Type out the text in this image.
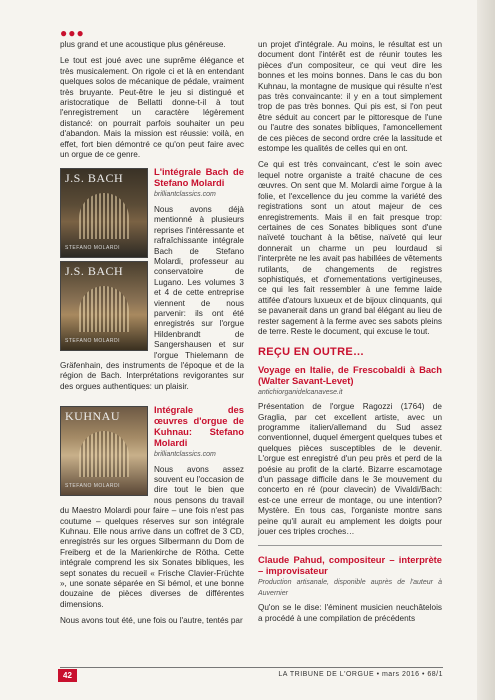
●●●

plus grand et une acoustique plus généreuse.

Le tout est joué avec une suprême élégance et très musicalement. On rigole ci et là en entendant quelques solos de mécanique de pédale, vraiment très bruyante. Peut-être le jeu si distingué et aristocratique de Bellatti donne-t-il à tout l'enregistrement un caractère légèrement distancé: on pourrait parfois souhaiter un peu d'abandon. Mais la mission est réussie: voilà, en effet, fort bien démontré ce qu'on peut faire avec un orgue de ce genre.

J.S. BACH
STEFANO MOLARDI
J.S. BACH
STEFANO MOLARDI
L'intégrale Bach de Stefano Molardi
brilliantclassics.com

Nous avons déjà mentionné à plusieurs reprises l'intéressante et rafraîchissante intégrale Bach de Stefano Molardi, professeur au conservatoire de Lugano. Les volumes 3 et 4 de cette entreprise viennent de nous parvenir: ils ont été enregistrés sur l'orgue Hildenbrandt de Sangershausen et sur l'orgue Thielemann de Gräfenhain, des instruments de l'époque et de la région de Bach. Interprétations revigorantes sur des orgues authentiques: un plaisir.

KUHNAU
STEFANO MOLARDI
Intégrale des œuvres d'orgue de Kuhnau: Stefano Molardi
brilliantclassics.com

Nous avons assez souvent eu l'occasion de dire tout le bien que nous pensons du travail du Maestro Molardi pour faire – une fois n'est pas coutume – quelques réserves sur son intégrale Kuhnau. Elle nous arrive dans un coffret de 3 CD, enregistrés sur les orgues Silbermann du Dom de Freiberg et de la Marienkirche de Rötha. Cette intégrale comprend les six Sonates bibliques, les sept sonates du recueil « Frische Clavier-Früchte », une sonate séparée en Si bémol, et une bonne douzaine de pièces diverses de différentes dimensions.

Nous avons tout été, une fois ou l'autre, tentés par

un projet d'intégrale. Au moins, le résultat est un document dont l'intérêt est de réunir toutes les pièces d'un compositeur, ce qui veut dire les bonnes et les moins bonnes. Dans le cas du bon Kuhnau, la montagne de musique qui résulte n'est pas très convaincante: il y en a tout simplement trop de pas très bonnes. Qui pis est, si l'on peut être séduit au concert par le pittoresque de l'une ou l'autre des sonates bibliques, l'amoncellement de ces pièces de second ordre crée la lassitude et estompe les qualités de celles qui en ont.

Ce qui est très convaincant, c'est le soin avec lequel notre organiste a traité chacune de ces œuvres. On sent que M. Molardi aime l'orgue à la folie, et l'excellence du jeu comme la variété des registrations sont un atout majeur de ces enregistrements. Mais il en fait presque trop: certaines de ces Sonates bibliques sont d'une naïveté touchant à la bêtise, naïveté qui leur donnerait un charme un peu lourdaud si l'interprète ne les avait pas habillées de vêtements rutilants, de changements de registres sophistiqués, et d'ornementations vertigineuses, ce qui les fait ressembler à une femme laide attifée d'atours luxueux et de bijoux clinquants, qui se pavanerait dans un grand bal élégant au lieu de rester sagement à la ferme avec ses sabots pleins de terre. Reste le document, qui excuse le tout.

REÇU EN OUTRE…
Voyage en Italie, de Frescobaldi à Bach (Walter Savant-Levet)
antichiorganidelcanavese.it

Présentation de l'orgue Ragozzi (1764) de Graglia, par cet excellent artiste, avec un programme italien/allemand du Sud assez conventionnel, duquel émergent quelques tubes et quelques pièces susceptibles de le devenir. L'orgue est enregistré d'un peu près et perd de la poésie au profit de la clarté. Bizarre escamotage d'un passage difficile dans le 3e mouvement du concerto en ré (pour clavecin) de Vivaldi/Bach: est-ce une erreur de montage, ou une intention? Mystère. En tous cas, l'organiste montre sans peine qu'il aurait eu amplement les doigts pour jouer ces triples croches…

Claude Pahud, compositeur – interprète – improvisateur
Production artisanale, disponible auprès de l'auteur à Auvernier

Qu'on se le dise: l'éminent musicien neuchâtelois a procédé à une compilation de précédents

42	LA TRIBUNE DE L'ORGUE • mars 2016 • 68/1
